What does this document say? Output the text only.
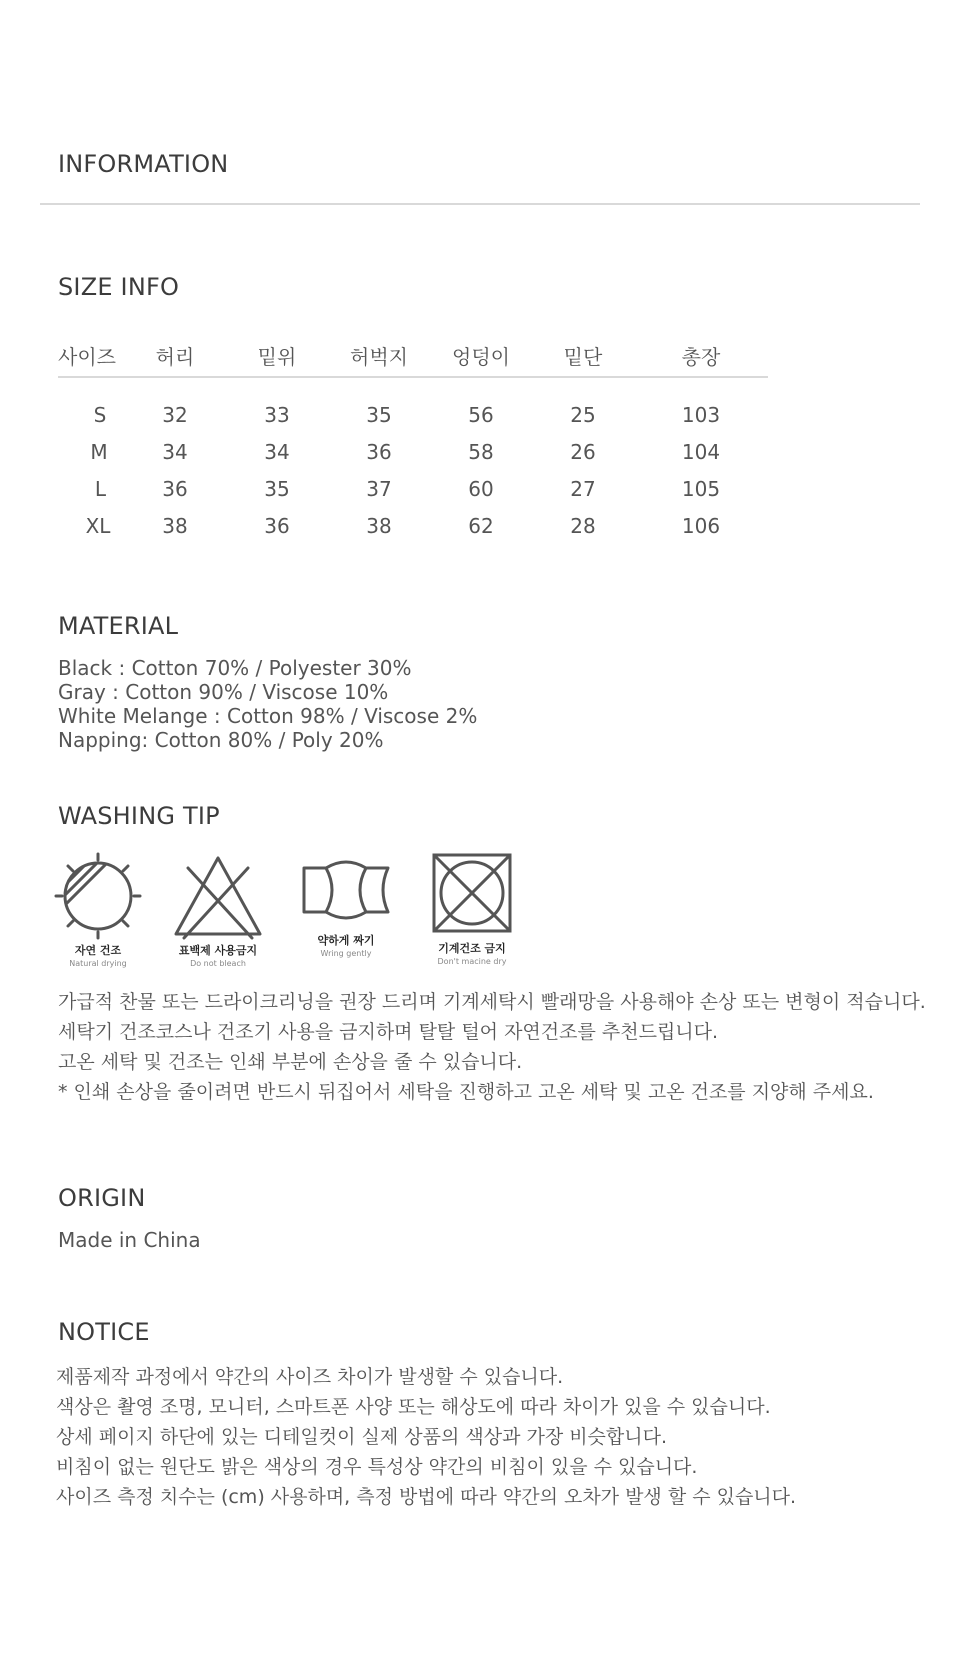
INFORMATION
SIZE INFO
사이즈	허리	밑위	허벅지	엉덩이	밑단	총장

S	32	33	35	56	25	103
M	34	34	36	58	26	104
L	36	35	37	60	27	105
XL	38	36	38	62	28	106
MATERIAL
Black : Cotton 70% / Polyester 30%
Gray : Cotton 90% / Viscose 10%
White Melange : Cotton 98% / Viscose 2%
Napping: Cotton 80% / Poly 20%
WASHING TIP
자연 건조
Natural drying
표백제 사용금지
Do not bleach
약하게 짜기
Wring gently	기계건조 금지
Don't macine dry
가급적 찬물 또는 드라이크리닝을 권장 드리며 기계세탁시 빨래망을 사용해야 손상 또는 변형이 적습니다.
세탁기 건조코스나 건조기 사용을 금지하며 탈탈 털어 자연건조를 추천드립니다.
고온 세탁 및 건조는 인쇄 부분에 손상을 줄 수 있습니다.
* 인쇄 손상을 줄이려면 반드시 뒤집어서 세탁을 진행하고 고온 세탁 및 고온 건조를 지양해 주세요.
ORIGIN
Made in China
NOTICE
제품제작 과정에서 약간의 사이즈 차이가 발생할 수 있습니다.
색상은 촬영 조명, 모니터, 스마트폰 사양 또는 해상도에 따라 차이가 있을 수 있습니다.
상세 페이지 하단에 있는 디테일컷이 실제 상품의 색상과 가장 비슷합니다.
비침이 없는 원단도 밝은 색상의 경우 특성상 약간의 비침이 있을 수 있습니다.
사이즈 측정 치수는 (cm) 사용하며, 측정 방법에 따라 약간의 오차가 발생 할 수 있습니다.
